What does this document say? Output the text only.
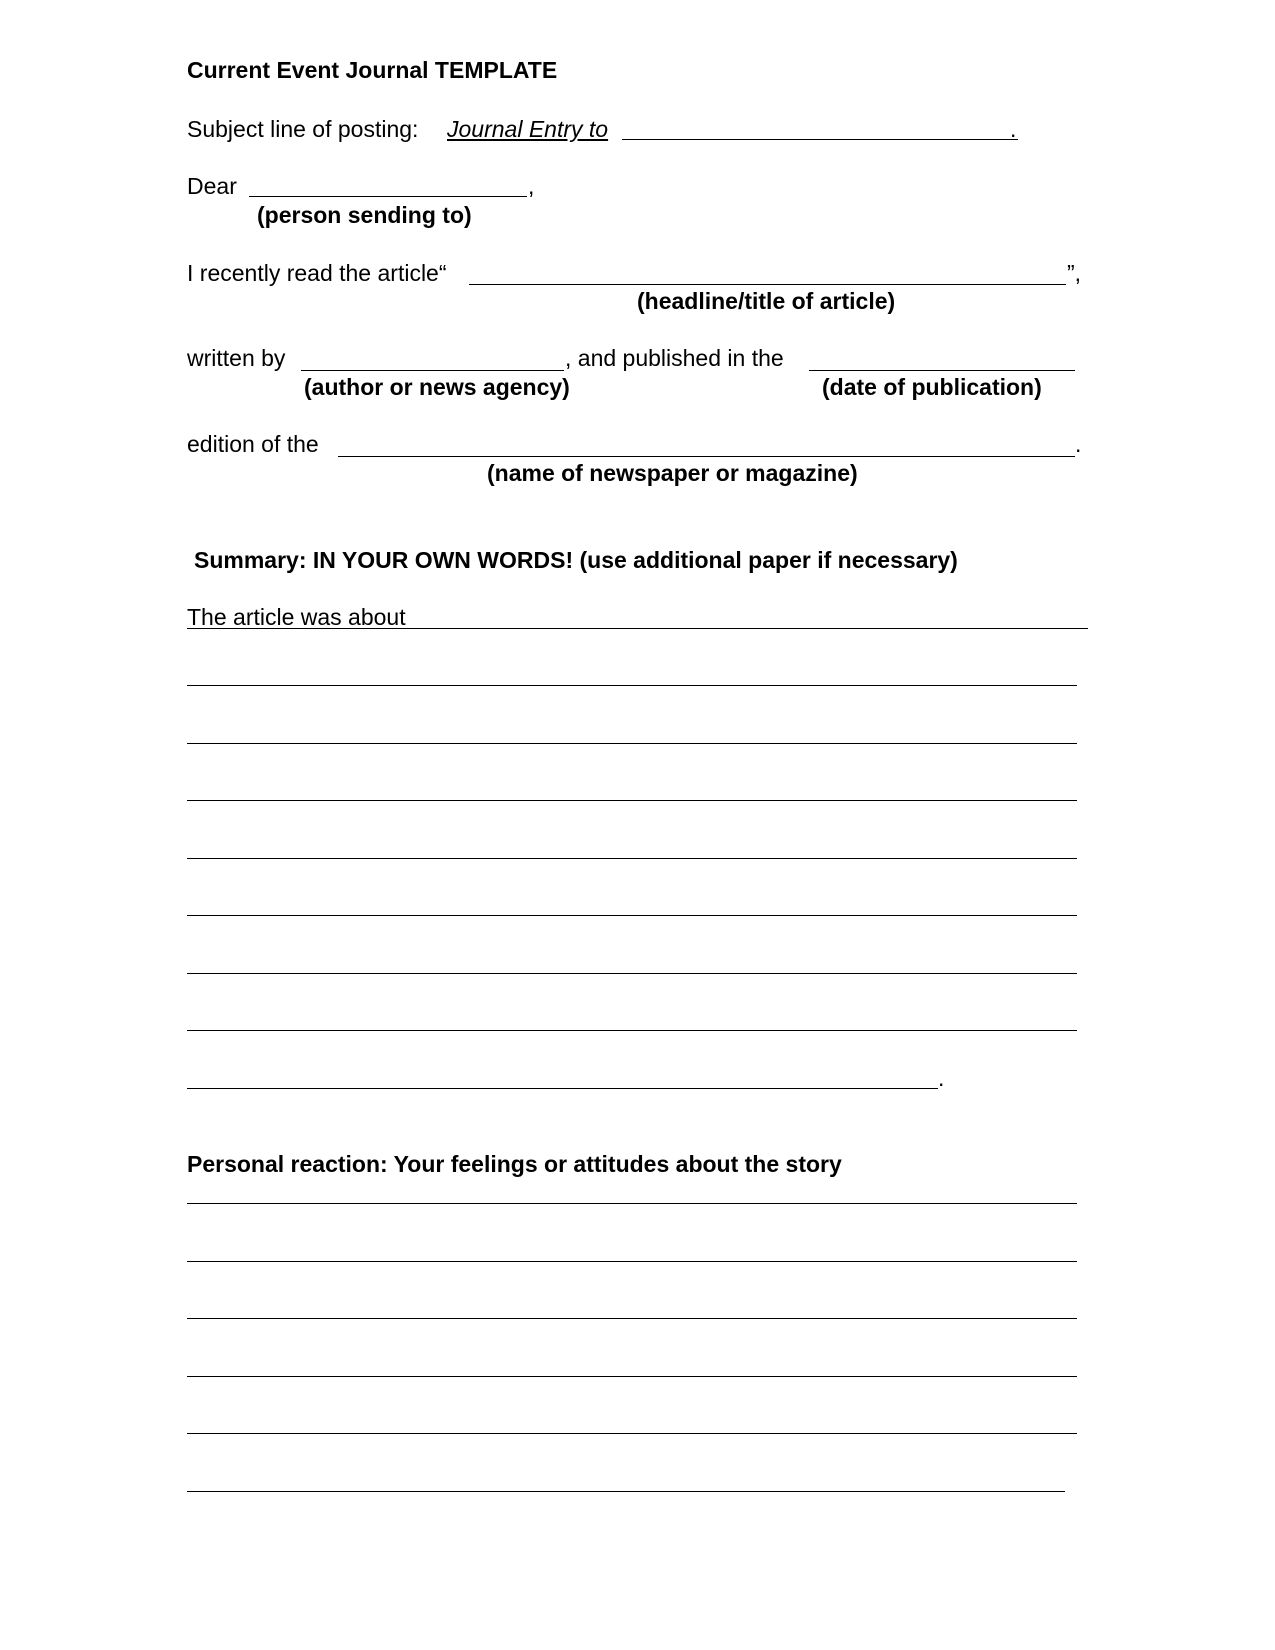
Current Event Journal TEMPLATE
Subject line of posting: Journal Entry to	.
Dear	,
(person sending to)
I recently read the article“	”,
(headline/title of article)
written by	, and published in the
(author or news agency)	(date of publication)
edition of the	.
(name of newspaper or magazine)
Summary: IN YOUR OWN WORDS! (use additional paper if necessary)
The article was about
.
Personal reaction: Your feelings or attitudes about the story
